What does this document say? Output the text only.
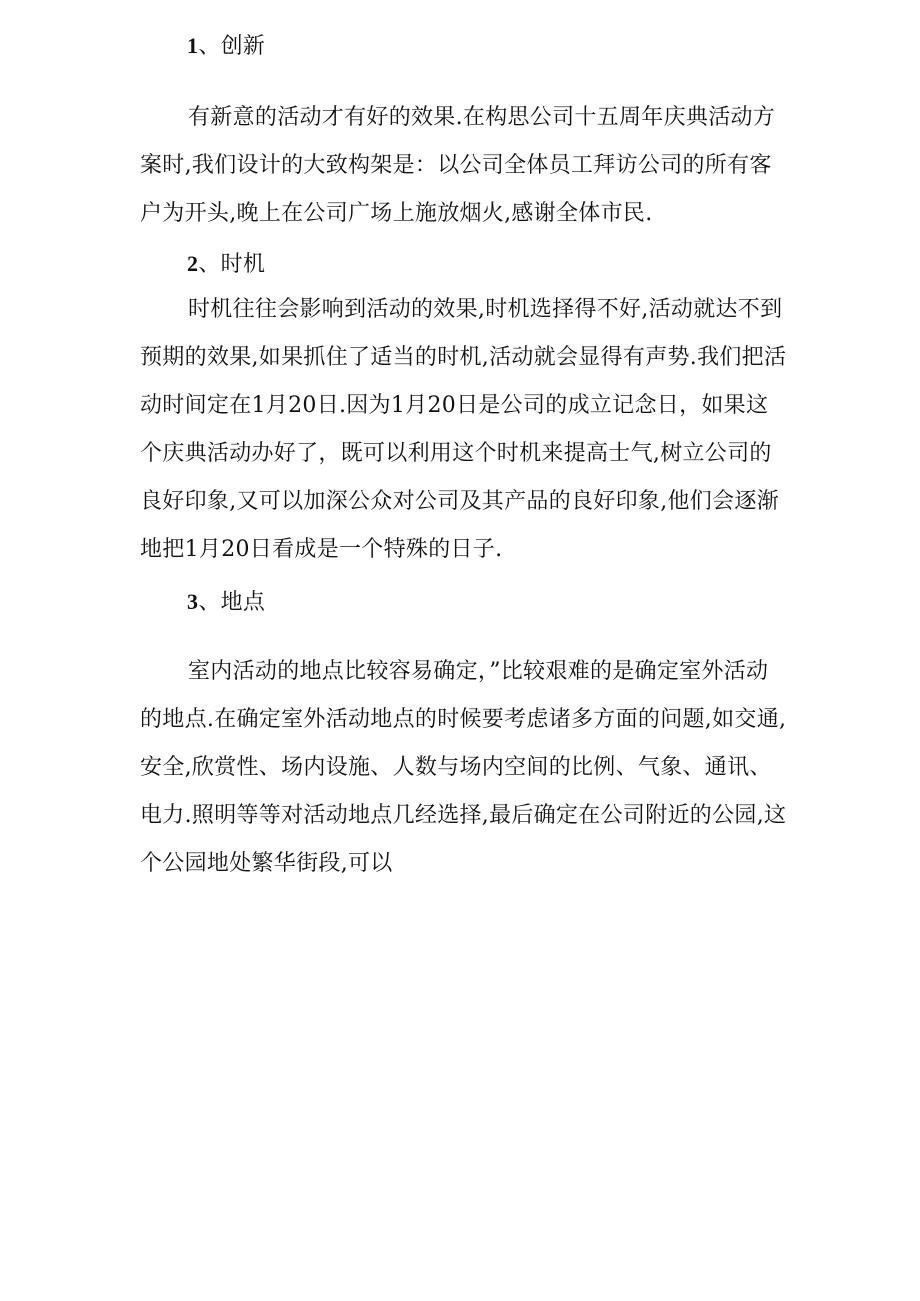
1、创新

有新意的活动才有好的效果.在构思公司十五周年庆典活动方案时,我们设计的大致构架是：以公司全体员工拜访公司的所有客户为开头,晚上在公司广场上施放烟火,感谢全体市民.

2、时机

时机往往会影响到活动的效果,时机选择得不好,活动就达不到预期的效果,如果抓住了适当的时机,活动就会显得有声势.我们把活动时间定在1月20日.因为1月20日是公司的成立记念日，如果这个庆典活动办好了，既可以利用这个时机来提高士气,树立公司的良好印象,又可以加深公众对公司及其产品的良好印象,他们会逐渐地把1月20日看成是一个特殊的日子.

3、地点

室内活动的地点比较容易确定，”比较艰难的是确定室外活动的地点.在确定室外活动地点的时候要考虑诸多方面的问题,如交通,安全,欣赏性、场内设施、人数与场内空间的比例、气象、通讯、电力.照明等等对活动地点几经选择,最后确定在公司附近的公园,这个公园地处繁华街段,可以
